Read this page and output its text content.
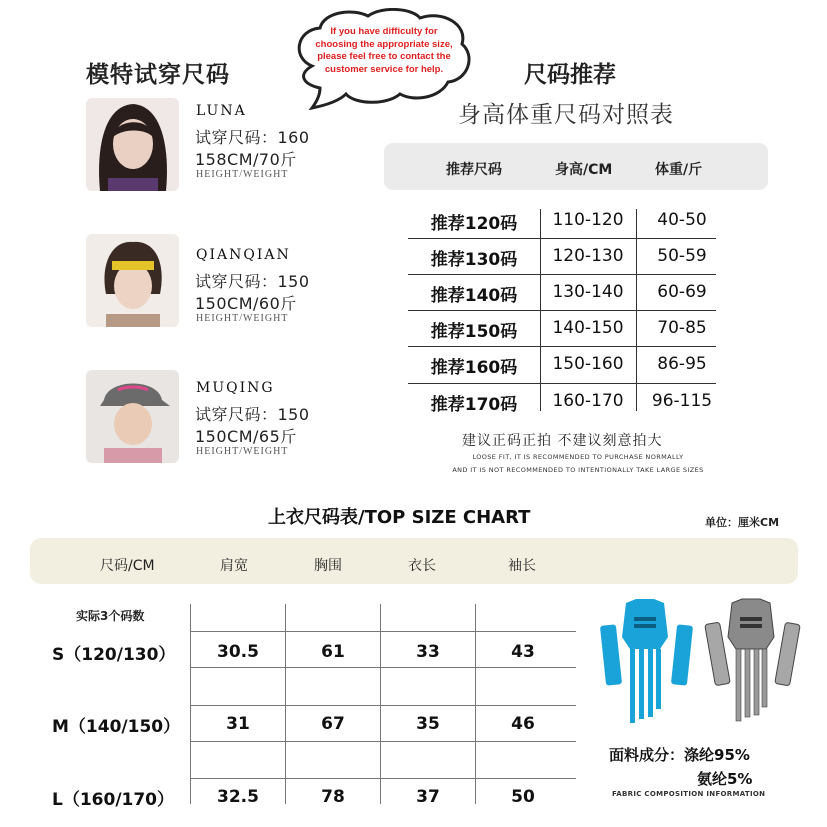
模特试穿尺码	尺码推荐
身高体重尺码对照表
If you have difficulty for choosing the appropriate size, please feel free to contact the customer service for help.
LUNA
试穿尺码：160
158CM/70斤
HEIGHT/WEIGHT
QIANQIAN
试穿尺码：150
150CM/60斤
HEIGHT/WEIGHT
MUQING
试穿尺码：150
150CM/65斤
HEIGHT/WEIGHT
推荐尺码	身高/CM	体重/斤
推荐120码	110-120	40-50
推荐130码	120-130	50-59
推荐140码	130-140	60-69
推荐150码	140-150	70-85
推荐160码	150-160	86-95
推荐170码	160-170	96-115
建议正码正拍 不建议刻意拍大
LOOSE FIT, IT IS RECOMMENDED TO PURCHASE NORMALLY
AND IT IS NOT RECOMMENDED TO INTENTIONALLY TAKE LARGE SIZES
上衣尺码表/TOP SIZE CHART	单位：厘米CM
尺码/CM	肩宽	胸围	衣长	袖长
实际3个码数
S（120/130）	30.5	61	33	43
M（140/150）	31	67	35	46
L（160/170）	32.5	78	37	50
面料成分：涤纶95%
氨纶5%
FABRIC COMPOSITION INFORMATION
